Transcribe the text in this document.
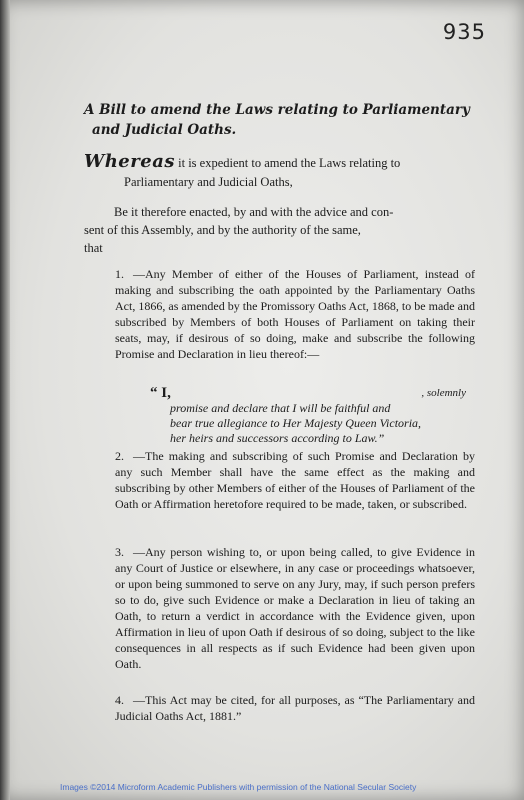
935
A Bill to amend the Laws relating to Parliamentary
and Judicial Oaths.
Whereas it is expedient to amend the Laws relating to
Parliamentary and Judicial Oaths,
Be it therefore enacted, by and with the advice and con-
sent of this Assembly, and by the authority of the same,
that
1. —Any Member of either of the Houses of Parliament, instead of making and subscribing the oath appointed by the Parliamentary Oaths Act, 1866, as amended by the Promissory Oaths Act, 1868, to be made and subscribed by Members of both Houses of Parliament on taking their seats, may, if desirous of so doing, make and subscribe the following Promise and Declaration in lieu thereof:—
“ I,	, solemnly
promise and declare that I will be faithful and
bear true allegiance to Her Majesty Queen Victoria,
her heirs and successors according to Law.”
2. —The making and subscribing of such Promise and Declaration by any such Member shall have the same effect as the making and subscribing by other Members of either of the Houses of Parliament of the Oath or Affirmation heretofore required to be made, taken, or subscribed.
3. —Any person wishing to, or upon being called, to give Evidence in any Court of Justice or elsewhere, in any case or proceedings whatsoever, or upon being summoned to serve on any Jury, may, if such person prefers so to do, give such Evidence or make a Declaration in lieu of taking an Oath, to return a verdict in accordance with the Evidence given, upon Affirmation in lieu of upon Oath if desirous of so doing, subject to the like consequences in all respects as if such Evidence had been given upon Oath.
4. —This Act may be cited, for all purposes, as “The Parliamentary and Judicial Oaths Act, 1881.”
Images ©2014 Microform Academic Publishers with permission of the National Secular Society
